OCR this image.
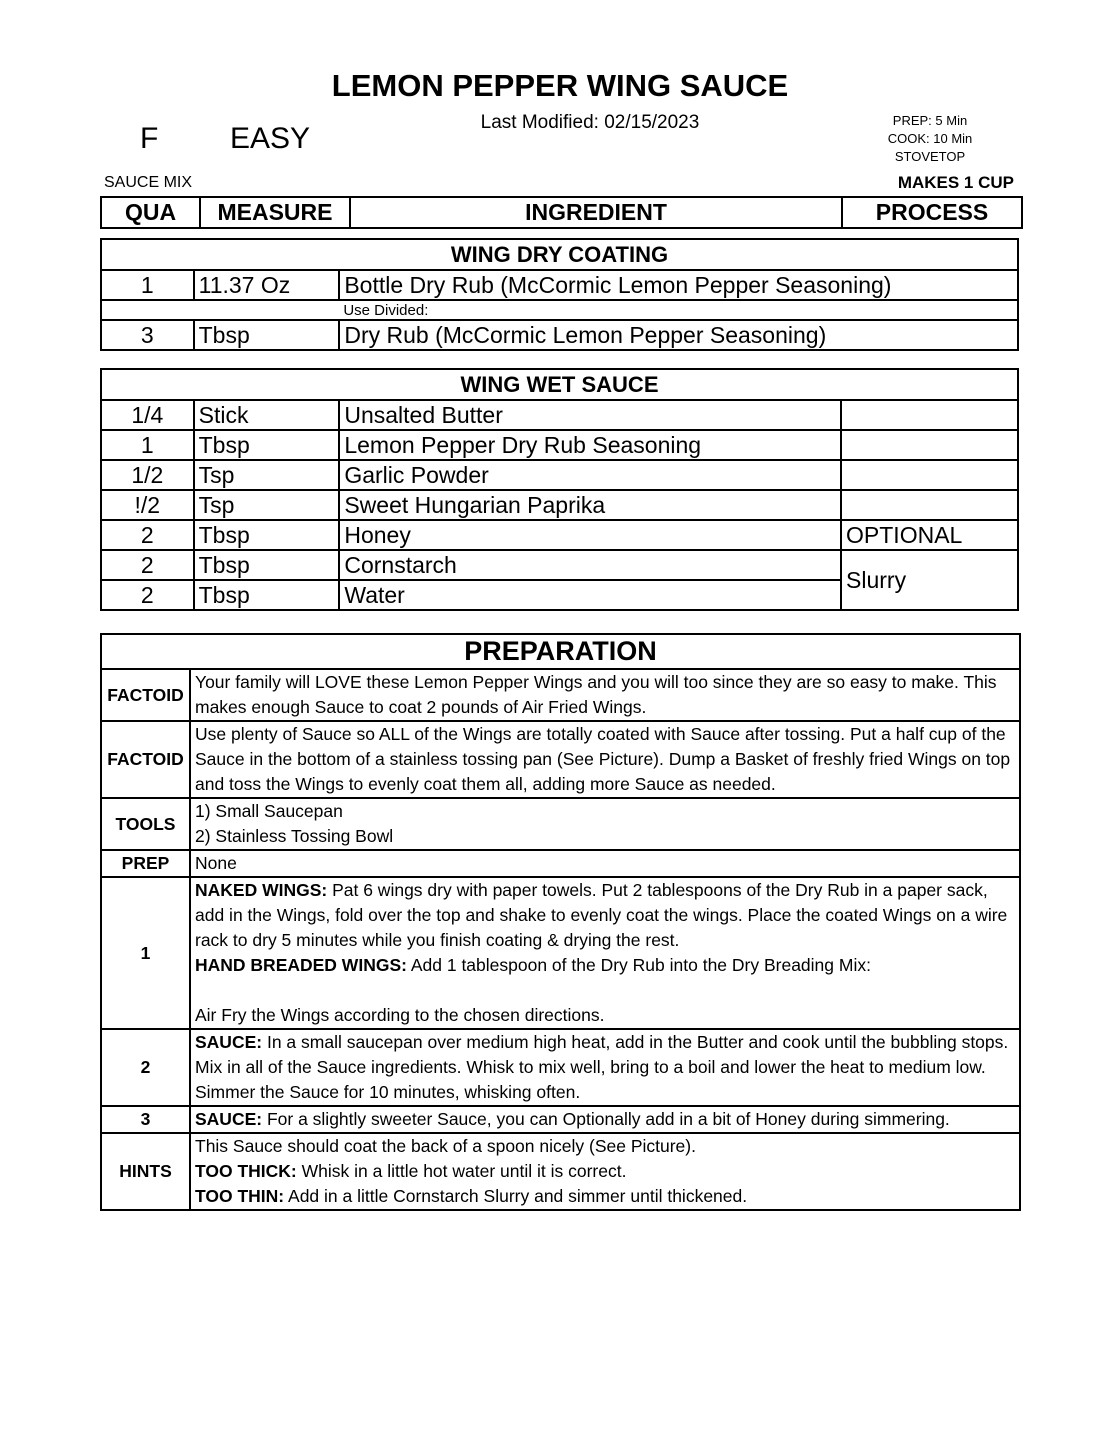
LEMON PEPPER WING SAUCE
Last Modified: 02/15/2023
F EASY
PREP: 5 Min
COOK: 10 Min
STOVETOP
SAUCE MIX	MAKES 1 CUP
QUA	MEASURE	INGREDIENT	PROCESS
WING DRY COATING		
1	11.37 Oz	Bottle Dry Rub (McCormic Lemon Pepper Seasoning)
		Use Divided:
3	Tbsp	Dry Rub (McCormic Lemon Pepper Seasoning)
WING WET SAUCE			
1/4	Stick	Unsalted Butter	
1	Tbsp	Lemon Pepper Dry Rub Seasoning	
1/2	Tsp	Garlic Powder	
!/2	Tsp	Sweet Hungarian Paprika	
2	Tbsp	Honey	OPTIONAL
2	Tbsp	Cornstarch	Slurry
2	Tbsp	Water	
PREPARATION	
FACTOID	Your family will LOVE these Lemon Pepper Wings and you will too since they are so easy to make. This makes enough Sauce to coat 2 pounds of Air Fried Wings.
FACTOID	Use plenty of Sauce so ALL of the Wings are totally coated with Sauce after tossing. Put a half cup of the Sauce in the bottom of a stainless tossing pan (See Picture). Dump a Basket of freshly fried Wings on top and toss the Wings to evenly coat them all, adding more Sauce as needed.
TOOLS	1) Small Saucepan
2) Stainless Tossing Bowl

PREP	None
1	NAKED WINGS: Pat 6 wings dry with paper towels. Put 2 tablespoons of the Dry Rub in a paper sack, add in the Wings, fold over the top and shake to evenly coat the wings. Place the coated Wings on a wire rack to dry 5 minutes while you finish coating & drying the rest.
HAND BREADED WINGS: Add 1 tablespoon of the Dry Rub into the Dry Breading Mix:

Air Fry the Wings according to the chosen directions.

2	SAUCE: In a small saucepan over medium high heat, add in the Butter and cook until the bubbling stops. Mix in all of the Sauce ingredients. Whisk to mix well, bring to a boil and lower the heat to medium low. Simmer the Sauce for 10 minutes, whisking often.
3	SAUCE: For a slightly sweeter Sauce, you can Optionally add in a bit of Honey during simmering.
HINTS	This Sauce should coat the back of a spoon nicely (See Picture).
TOO THICK: Whisk in a little hot water until it is correct.
TOO THIN: Add in a little Cornstarch Slurry and simmer until thickened.
